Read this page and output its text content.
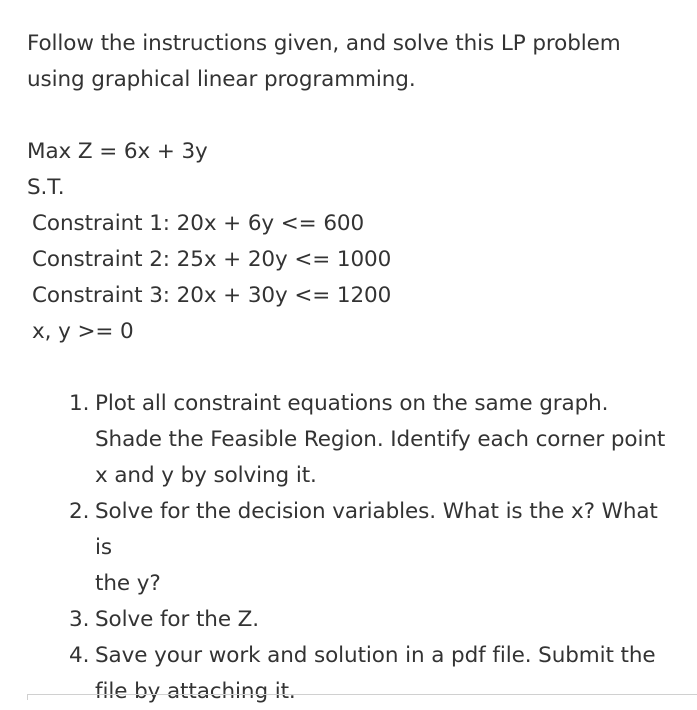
Follow the instructions given, and solve this LP problem
using graphical linear programming.

Max Z = 6x + 3y
S.T.
Constraint 1: 20x + 6y <= 600
Constraint 2: 25x + 20y <= 1000
Constraint 3: 20x + 30y <= 1200
x, y >= 0
1. Plot all constraint equations on the same graph.
Shade the Feasible Region. Identify each corner point
x and y by solving it.
2. Solve for the decision variables. What is the x? What is
the y?
3. Solve for the Z.
4. Save your work and solution in a pdf file. Submit the
file by attaching it.
